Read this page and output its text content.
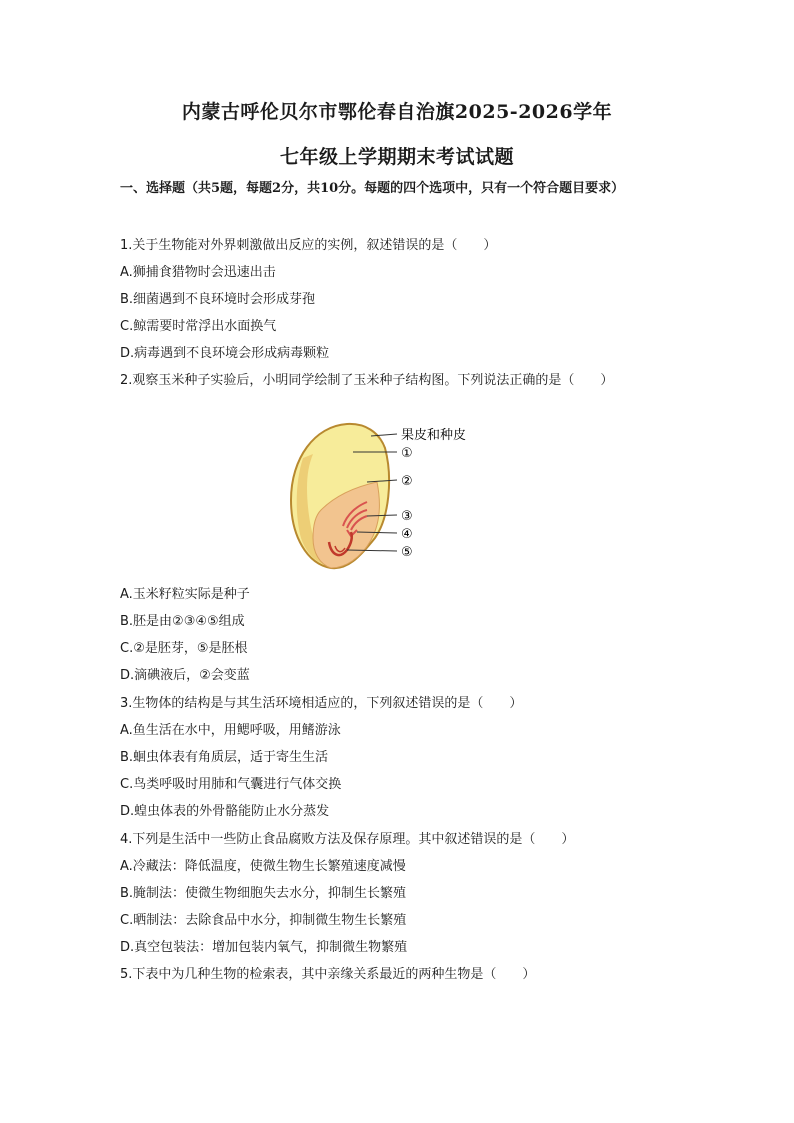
内蒙古呼伦贝尔市鄂伦春自治旗2025-2026学年
七年级上学期期末考试试题
一、选择题（共5题，每题2分，共10分。每题的四个选项中，只有一个符合题目要求）
1.关于生物能对外界刺激做出反应的实例，叙述错误的是（　　）
A.狮捕食猎物时会迅速出击
B.细菌遇到不良环境时会形成芽孢
C.鲸需要时常浮出水面换气
D.病毒遇到不良环境会形成病毒颗粒
2.观察玉米种子实验后，小明同学绘制了玉米种子结构图。下列说法正确的是（　　）
果皮和种皮
①
②
③
④
⑤
A.玉米籽粒实际是种子
B.胚是由②③④⑤组成
C.②是胚芽，⑤是胚根
D.滴碘液后，②会变蓝
3.生物体的结构是与其生活环境相适应的，下列叙述错误的是（　　）
A.鱼生活在水中，用鳃呼吸，用鳍游泳
B.蛔虫体表有角质层，适于寄生生活
C.鸟类呼吸时用肺和气囊进行气体交换
D.蝗虫体表的外骨骼能防止水分蒸发
4.下列是生活中一些防止食品腐败方法及保存原理。其中叙述错误的是（　　）
A.冷藏法：降低温度，使微生物生长繁殖速度减慢
B.腌制法：使微生物细胞失去水分，抑制生长繁殖
C.晒制法：去除食品中水分，抑制微生物生长繁殖
D.真空包装法：增加包装内氧气，抑制微生物繁殖
5.下表中为几种生物的检索表，其中亲缘关系最近的两种生物是（　　）
